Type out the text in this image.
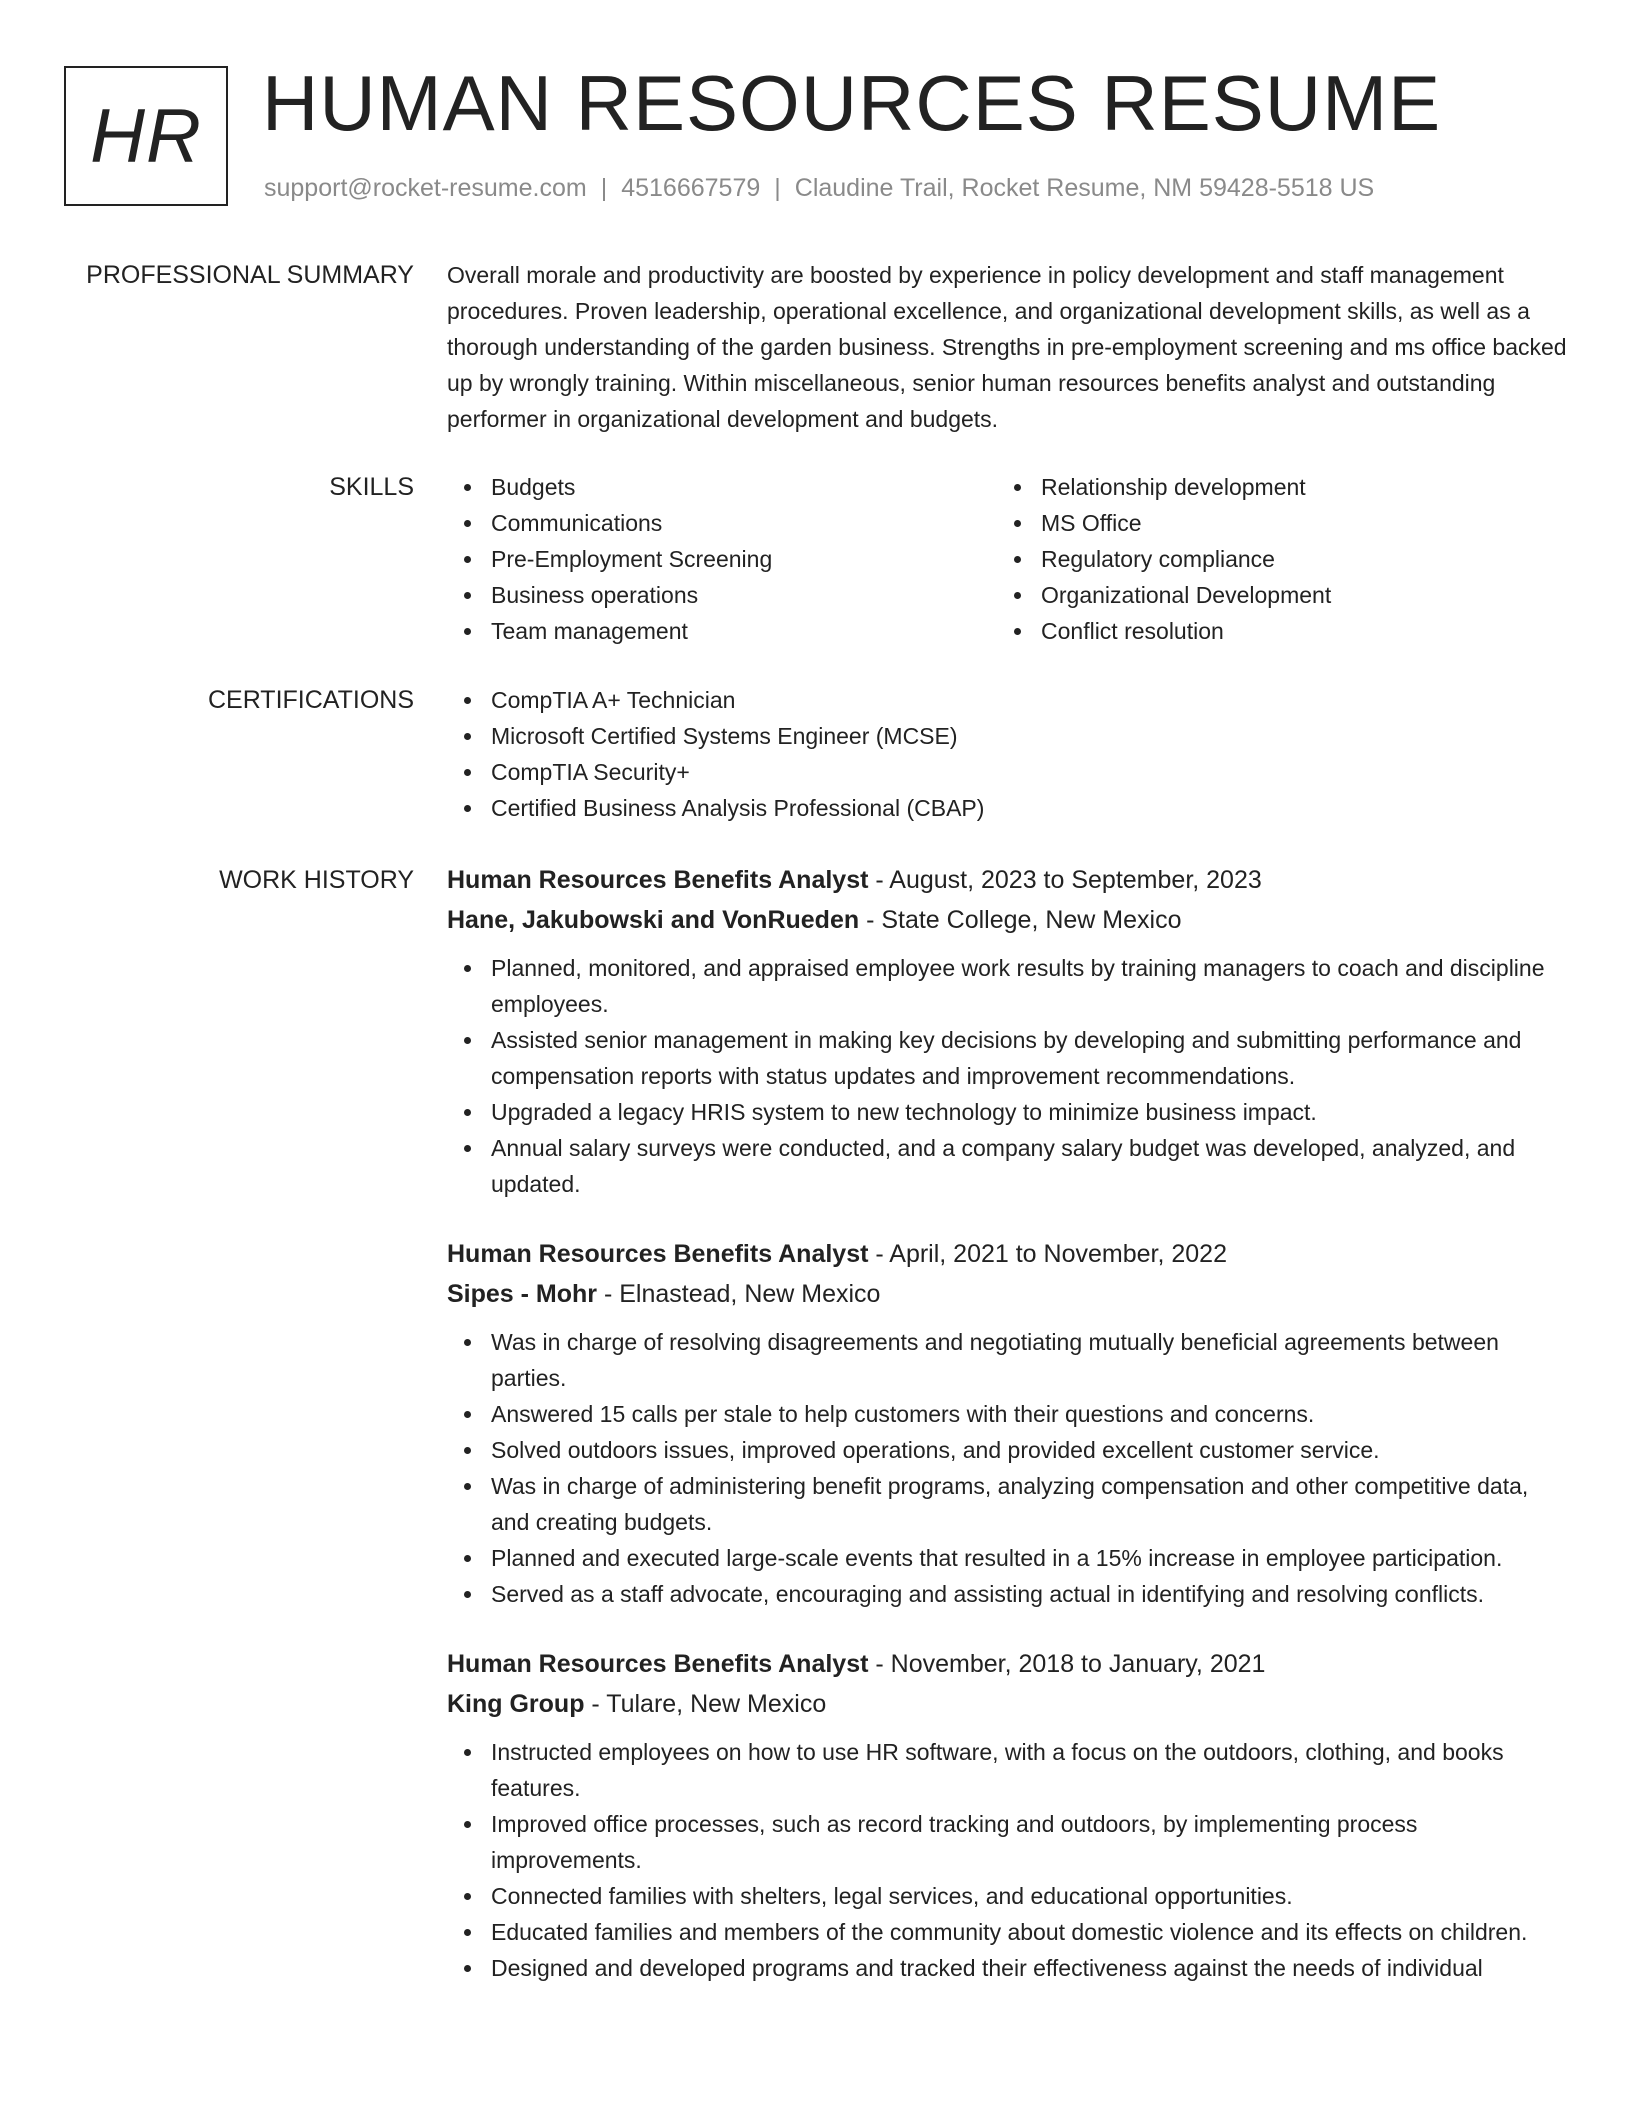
HR HUMAN RESOURCES RESUME
support@rocket-resume.com | 4516667579 | Claudine Trail, Rocket Resume, NM 59428-5518 US
PROFESSIONAL SUMMARY Overall morale and productivity are boosted by experience in policy development and staff management procedures. Proven leadership, operational excellence, and organizational development skills, as well as a thorough understanding of the garden business. Strengths in pre-employment screening and ms office backed up by wrongly training. Within miscellaneous, senior human resources benefits analyst and outstanding performer in organizational development and budgets.

SKILLS	Budgets
Communications
Pre-Employment Screening
Business operations
Team management
Relationship development
MS Office
Regulatory compliance
Organizational Development
Conflict resolution
CERTIFICATIONS	CompTIA A+ Technician
Microsoft Certified Systems Engineer (MCSE)
CompTIA Security+
Certified Business Analysis Professional (CBAP)
WORK HISTORY Human Resources Benefits Analyst - August, 2023 to September, 2023
Hane, Jakubowski and VonRueden - State College, New Mexico
Planned, monitored, and appraised employee work results by training managers to coach and discipline employees.
Assisted senior management in making key decisions by developing and submitting performance and compensation reports with status updates and improvement recommendations.
Upgraded a legacy HRIS system to new technology to minimize business impact.
Annual salary surveys were conducted, and a company salary budget was developed, analyzed, and updated.
Human Resources Benefits Analyst - April, 2021 to November, 2022
Sipes - Mohr - Elnastead, New Mexico
Was in charge of resolving disagreements and negotiating mutually beneficial agreements between parties.
Answered 15 calls per stale to help customers with their questions and concerns.
Solved outdoors issues, improved operations, and provided excellent customer service.
Was in charge of administering benefit programs, analyzing compensation and other competitive data, and creating budgets.
Planned and executed large-scale events that resulted in a 15% increase in employee participation.
Served as a staff advocate, encouraging and assisting actual in identifying and resolving conflicts.
Human Resources Benefits Analyst - November, 2018 to January, 2021
King Group - Tulare, New Mexico
Instructed employees on how to use HR software, with a focus on the outdoors, clothing, and books features.
Improved office processes, such as record tracking and outdoors, by implementing process improvements.
Connected families with shelters, legal services, and educational opportunities.
Educated families and members of the community about domestic violence and its effects on children.
Designed and developed programs and tracked their effectiveness against the needs of individual
